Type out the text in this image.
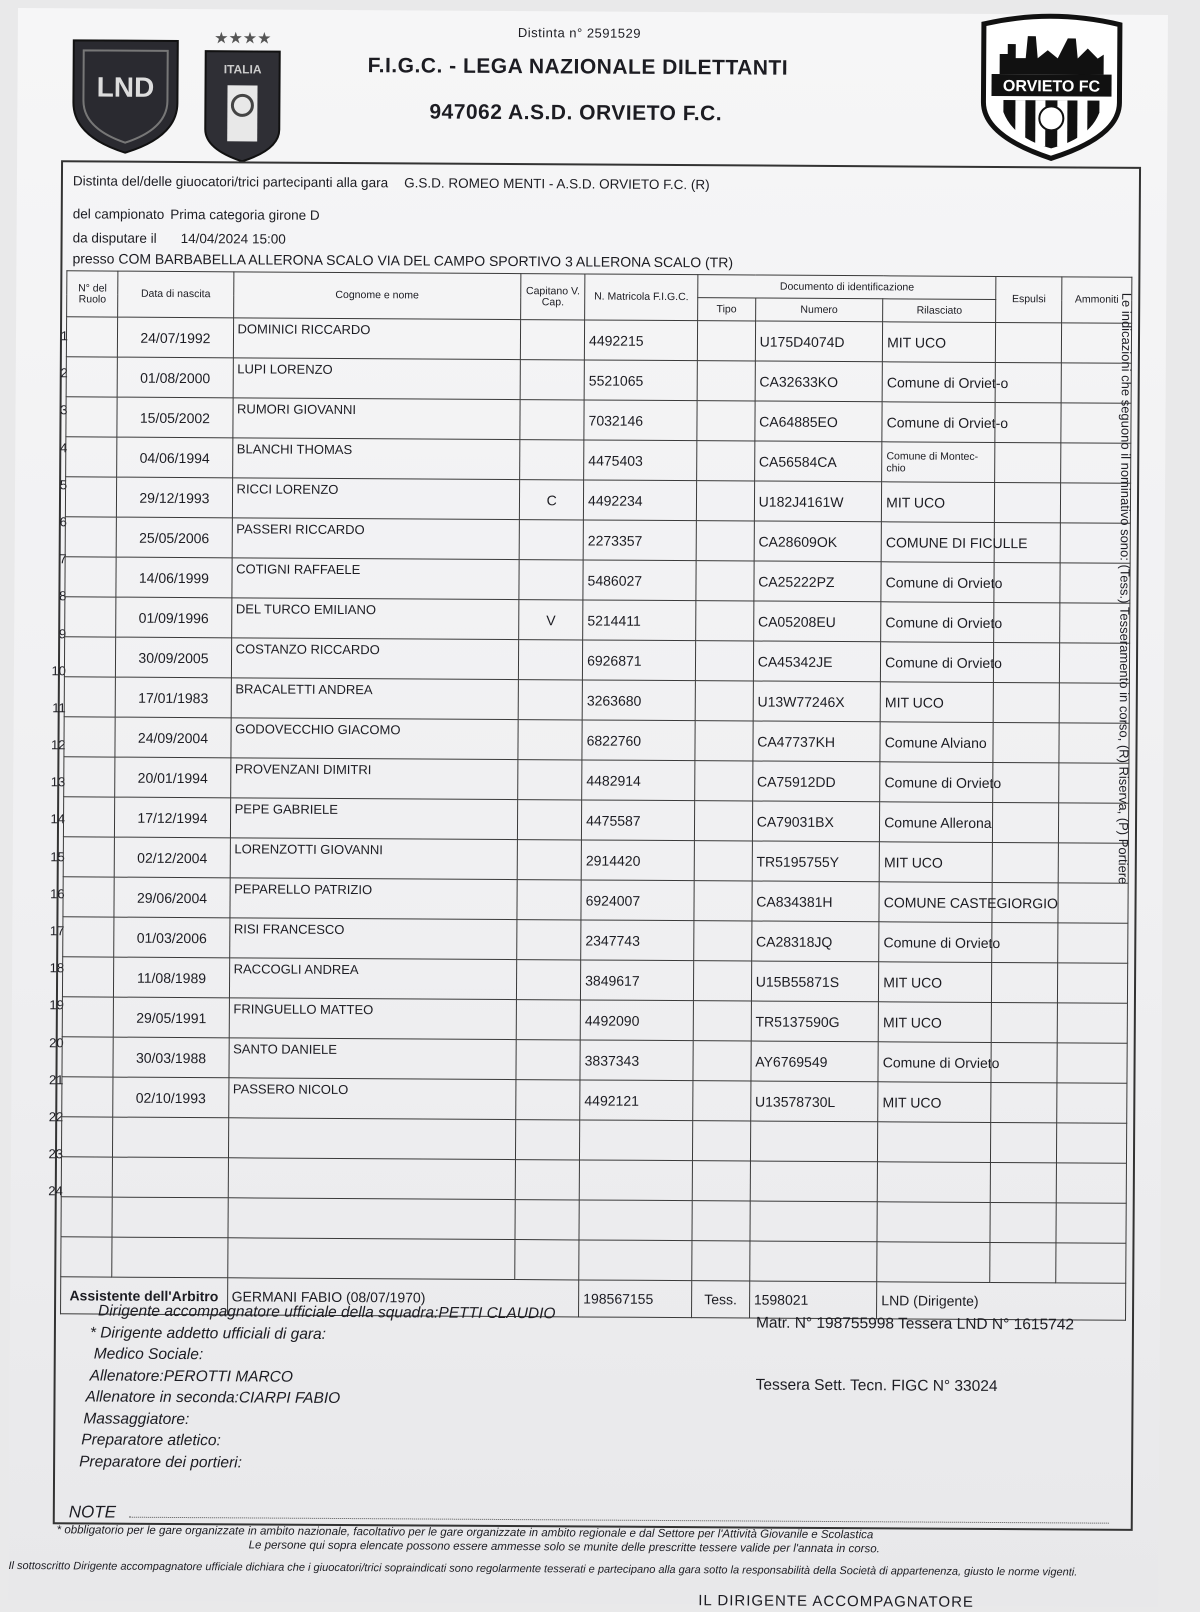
LND
★★★★
ITALIA
ORVIETO FC
Distinta n° 2591529
F.I.G.C. - LEGA NAZIONALE DILETTANTI
947062 A.S.D. ORVIETO F.C.
Distinta del/delle giuocatori/trici partecipanti alla gara G.S.D. ROMEO MENTI - A.S.D. ORVIETO F.C. (R)
del campionato Prima categoria girone D
da disputare il 14/04/2024 15:00
presso COM BARBABELLA ALLERONA SCALO VIA DEL CAMPO SPORTIVO 3 ALLERONA SCALO (TR)
1
2
3
4
5
6
7
8
9
10
11
12
13
14
15
16
17
18
19
20
21
22
23
24
N° del Ruolo	Data di nascita	Cognome e nome	Capitano V. Cap.	N. Matricola F.I.G.C.	Documento di identificazione			Espulsi	Ammoniti
					Tipo	Numero	Rilasciato		
	24/07/1992	DOMINICI RICCARDO		4492215		U175D4074D	MIT UCO		
	01/08/2000	LUPI LORENZO		5521065		CA32633KO	Comune di Orviet-o		
	15/05/2002	RUMORI GIOVANNI		7032146		CA64885EO	Comune di Orviet-o		
	04/06/1994	BLANCHI THOMAS		4475403		CA56584CA	Comune di Montec-chio		
	29/12/1993	RICCI LORENZO	C	4492234		U182J4161W	MIT UCO		
	25/05/2006	PASSERI RICCARDO		2273357		CA28609OK	COMUNE DI FICULLE		
	14/06/1999	COTIGNI RAFFAELE		5486027		CA25222PZ	Comune di Orvieto		
	01/09/1996	DEL TURCO EMILIANO	V	5214411		CA05208EU	Comune di Orvieto		
	30/09/2005	COSTANZO RICCARDO		6926871		CA45342JE	Comune di Orvieto		
	17/01/1983	BRACALETTI ANDREA		3263680		U13W77246X	MIT UCO		
	24/09/2004	GODOVECCHIO GIACOMO		6822760		CA47737KH	Comune Alviano		
	20/01/1994	PROVENZANI DIMITRI		4482914		CA75912DD	Comune di Orvieto		
	17/12/1994	PEPE GABRIELE		4475587		CA79031BX	Comune Allerona		
	02/12/2004	LORENZOTTI GIOVANNI		2914420		TR5195755Y	MIT UCO		
	29/06/2004	PEPARELLO PATRIZIO		6924007		CA834381H	COMUNE CASTEGIORGIO		
	01/03/2006	RISI FRANCESCO		2347743		CA28318JQ	Comune di Orvieto		
	11/08/1989	RACCOGLI ANDREA		3849617		U15B55871S	MIT UCO		
	29/05/1991	FRINGUELLO MATTEO		4492090		TR5137590G	MIT UCO		
	30/03/1988	SANTO DANIELE		3837343		AY6769549	Comune di Orvieto		
	02/10/1993	PASSERO NICOLO		4492121		U13578730L	MIT UCO		

Assistente dell'Arbitro		GERMANI FABIO (08/07/1970)		198567155	Tess.	1598021	LND (Dirigente)		
Le indicazioni che seguono il nominativo sono: (Tess.) Tesseramento in corso, (R) Riserva, (P) Portiere
Dirigente accompagnatore ufficiale della squadra:PETTI CLAUDIO
* Dirigente addetto ufficiali di gara:
Medico Sociale:
Allenatore:PEROTTI MARCO
Allenatore in seconda:CIARPI FABIO
Massaggiatore:
Preparatore atletico:
Preparatore dei portieri:
Matr. N° 198755998 Tessera LND N° 1615742
Tessera Sett. Tecn. FIGC N° 33024
NOTE
* obbligatorio per le gare organizzate in ambito nazionale, facoltativo per le gare organizzate in ambito regionale e dal Settore per l'Attività Giovanile e Scolastica
Le persone qui sopra elencate possono essere ammesse solo se munite delle prescritte tessere valide per l'annata in corso.
Il sottoscritto Dirigente accompagnatore ufficiale dichiara che i giuocatori/trici sopraindicati sono regolarmente tesserati e partecipano alla gara sotto la responsabilità della Società di appartenenza, giusto le norme vigenti.
IL DIRIGENTE ACCOMPAGNATORE
